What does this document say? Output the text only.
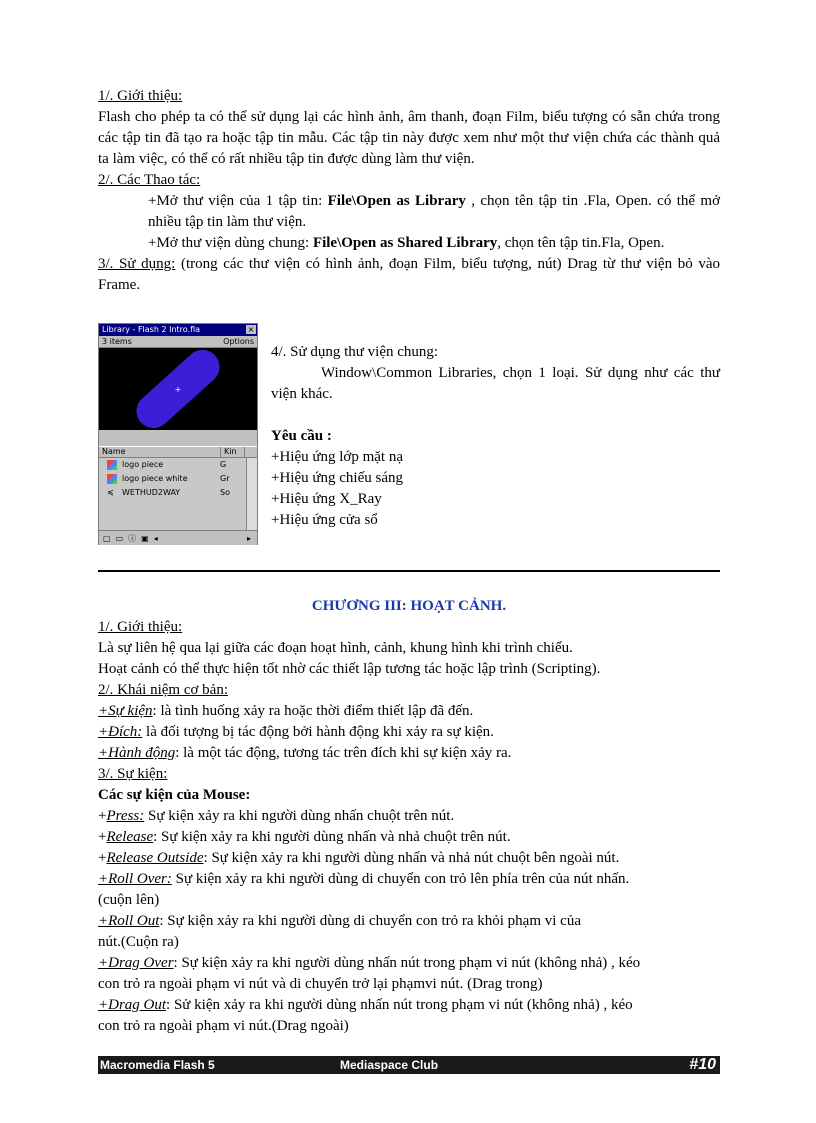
1/. Giới thiệu:

Flash cho phép ta có thể sử dụng lại các hình ảnh, âm thanh, đoạn Film, biểu tượng có sẵn chứa trong các tập tin đã tạo ra hoặc tập tin mẫu. Các tập tin này được xem như một thư viện chứa các thành quả ta làm việc, có thể có rất nhiều tập tin được dùng làm thư viện.

2/. Các Thao tác:

+Mở thư viện của 1 tập tin: File\Open as Library , chọn tên tập tin .Fla, Open. có thể mở nhiều tập tin làm thư viện.

+Mở thư viện dùng chung: File\Open as Shared Library, chọn tên tập tin.Fla, Open.

3/. Sử dụng: (trong các thư viện có hình ảnh, đoạn Film, biểu tượng, nút) Drag từ thư viện bỏ vào Frame.

Library - Flash 2 Intro.fla	×
3 items	Options
+
Name	Kin
logo piece	G
logo piece white	Gr
≼	WETHUD2WAY	So
▢ ▭ ⓘ ▣ ◂	▸

4/. Sử dụng thư viện chung:

Window\Common Libraries, chọn 1 loại. Sử dụng như các thư viện khác.

Yêu cầu :

+Hiệu ứng lớp mặt nạ

+Hiệu ứng chiếu sáng

+Hiệu ứng X_Ray

+Hiệu ứng cửa sổ

CHƯƠNG III: HOẠT CẢNH.

1/. Giới thiệu:

Là sự liên hệ qua lại giữa các đoạn hoạt hình, cảnh, khung hình khi trình chiếu.

Hoạt cảnh có thể thực hiện tốt nhờ các thiết lập tương tác hoặc lập trình (Scripting).

2/. Khái niệm cơ bản:

+Sự kiện: là tình huống xảy ra hoặc thời điểm thiết lập đã đến.

+Đích: là đối tượng bị tác động bởi hành động khi xảy ra sự kiện.

+Hành động: là một tác động, tương tác trên đích khi sự kiện xảy ra.

3/. Sự kiện:

Các sự kiện của Mouse:

+Press: Sự kiện xảy ra khi người dùng nhấn chuột trên nút.

+Release: Sự kiện xảy ra khi người dùng nhấn và nhả chuột trên nút.

+Release Outside: Sự kiện xảy ra khi người dùng nhấn và nhả nút chuột bên ngoài nút.

+Roll Over: Sự kiện xảy ra khi người dùng di chuyển con trỏ lên phía trên của nút nhấn.

(cuộn lên)

+Roll Out: Sự kiện xảy ra khi người dùng di chuyển con trỏ ra khỏi phạm vi của

nút.(Cuộn ra)

+Drag Over: Sự kiện xảy ra khi người dùng nhấn nút trong phạm vi nút (không nhả) , kéo

con trỏ ra ngoài phạm vi nút và di chuyển trở lại phạmvi nút. (Drag trong)

+Drag Out: Sử kiện xảy ra khi người dùng nhấn nút trong phạm vi nút (không nhả) , kéo

con trỏ ra ngoài phạm vi nút.(Drag ngoài)

Macromedia Flash 5	Mediaspace Club	#10
